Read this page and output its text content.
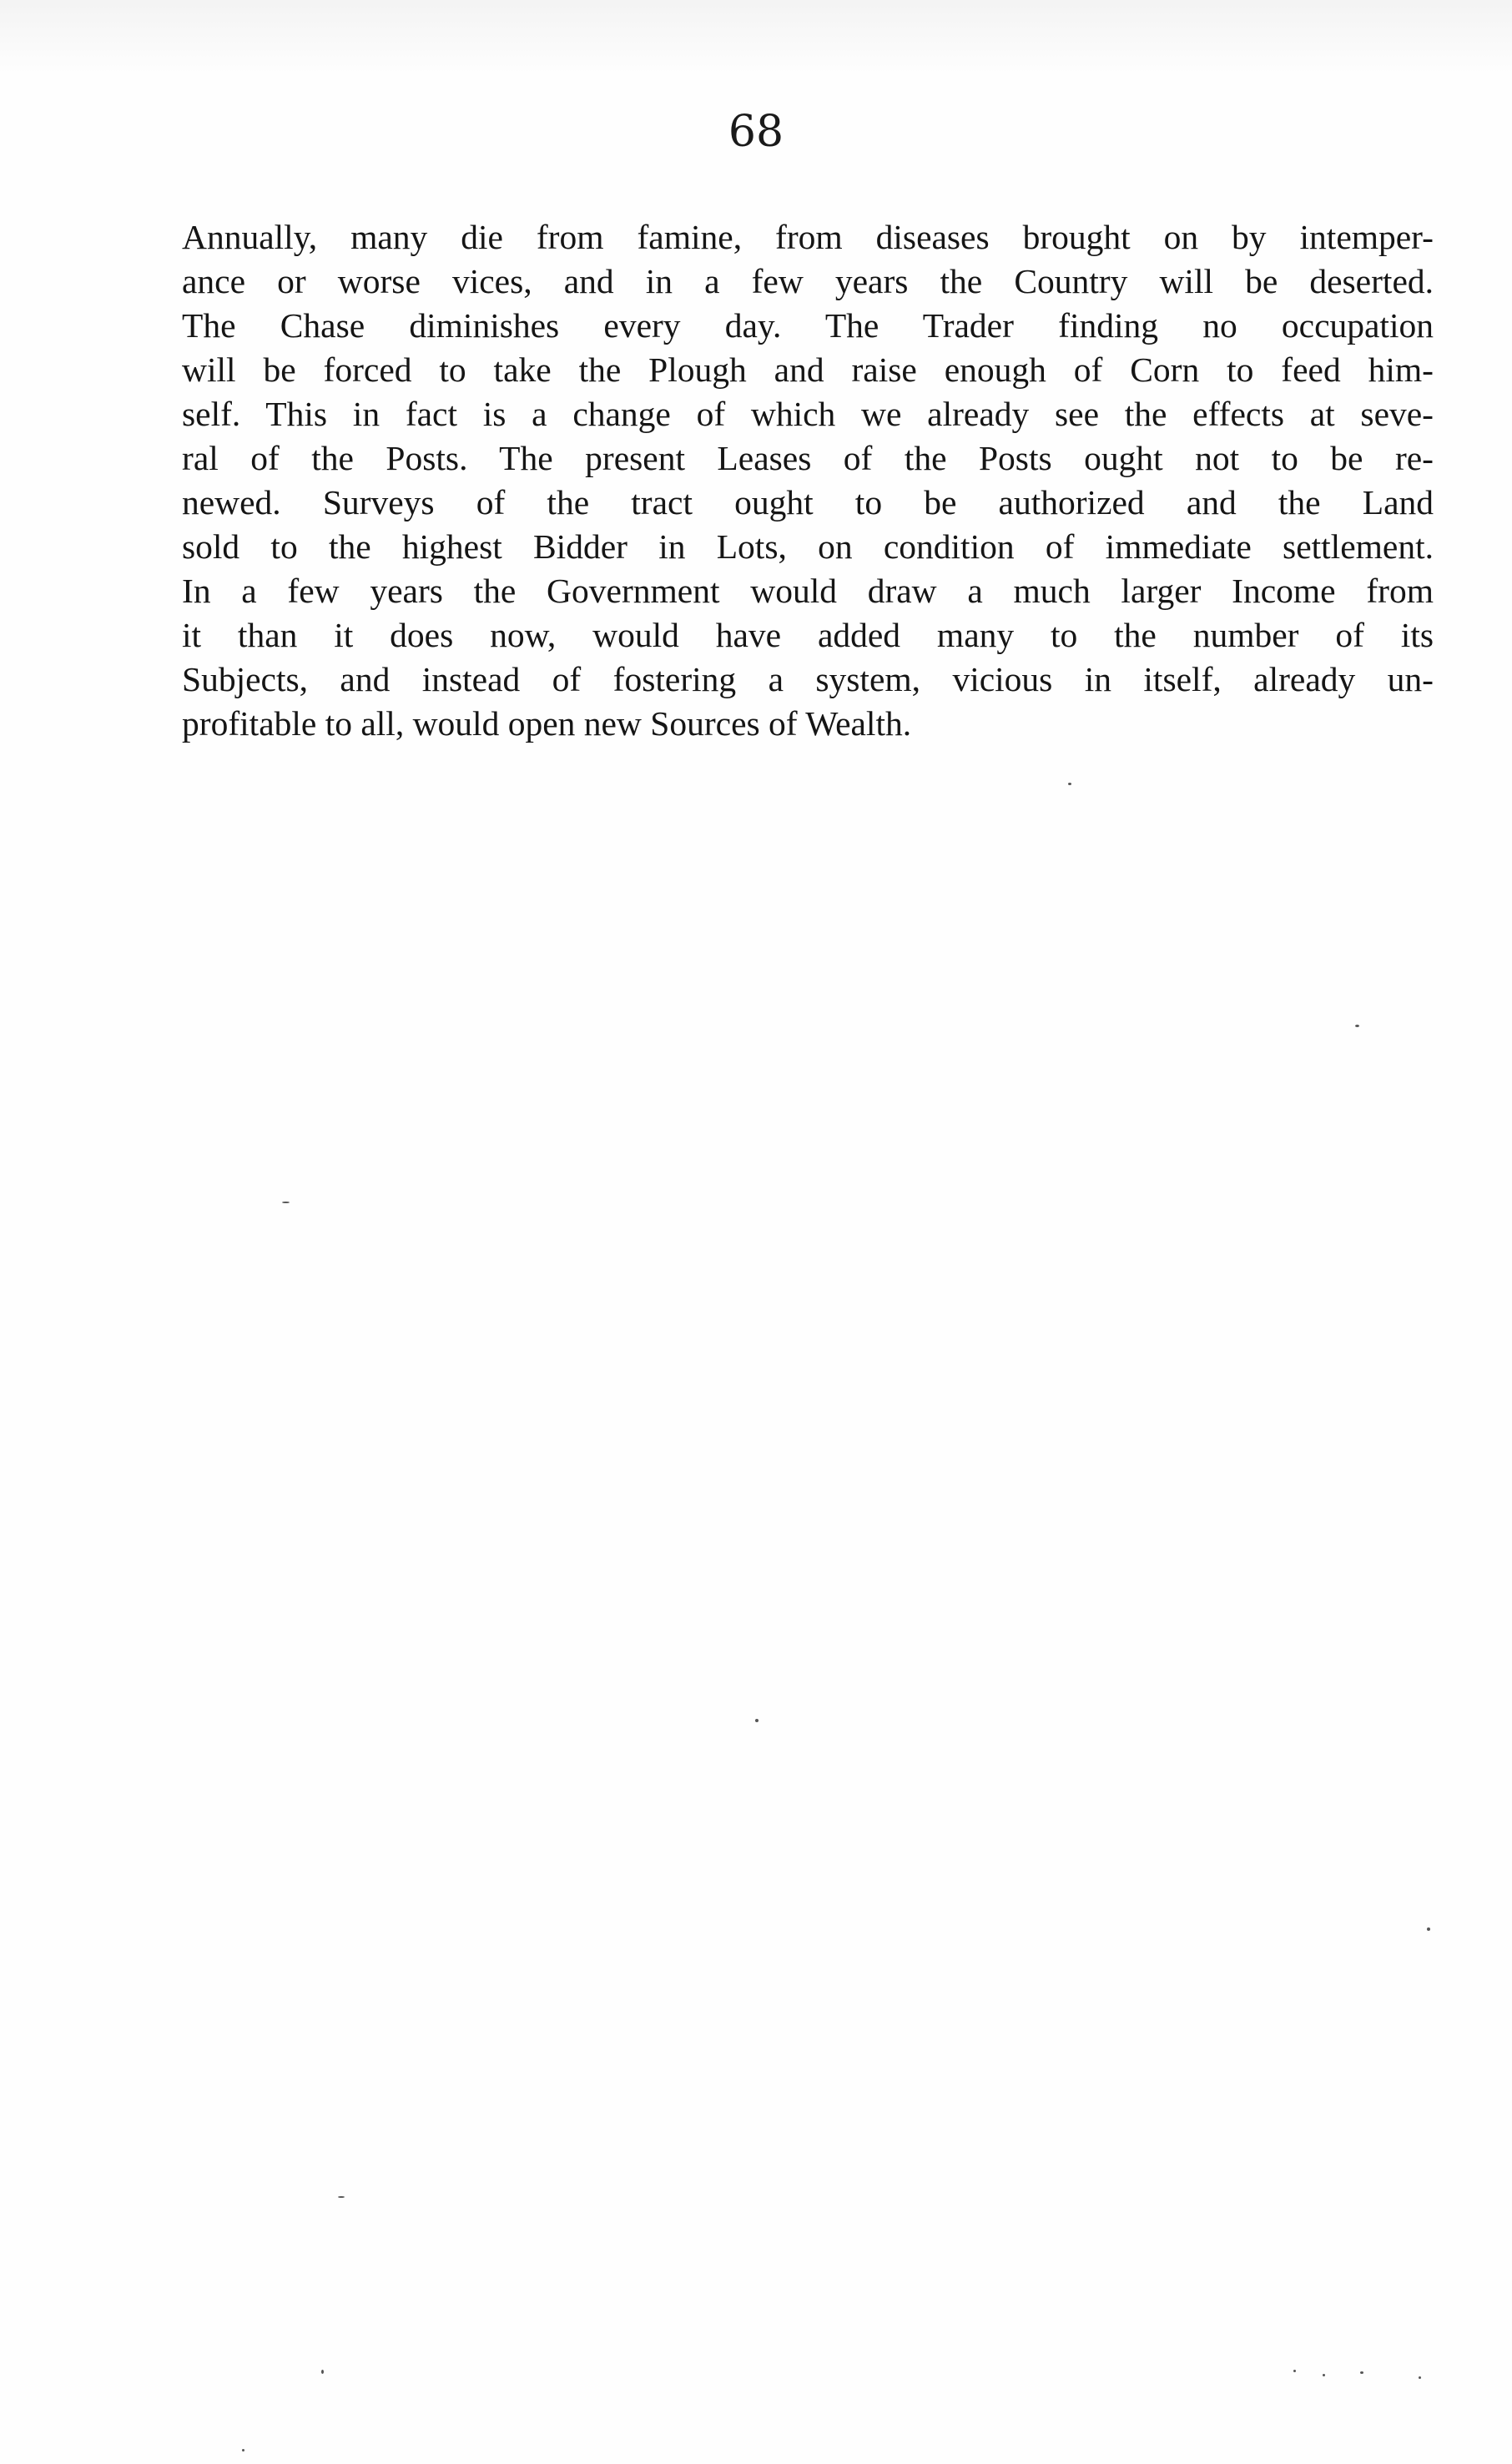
68
Annually, many die from famine, from diseases brought on by intemper-
ance or worse vices, and in a few years the Country will be deserted.
The Chase diminishes every day. The Trader finding no occupation
will be forced to take the Plough and raise enough of Corn to feed him-
self. This in fact is a change of which we already see the effects at seve-
ral of the Posts. The present Leases of the Posts ought not to be re-
newed. Surveys of the tract ought to be authorized and the Land
sold to the highest Bidder in Lots, on condition of immediate settlement.
In a few years the Government would draw a much larger Income from
it than it does now, would have added many to the number of its
Subjects, and instead of fostering a system, vicious in itself, already un-
profitable to all, would open new Sources of Wealth.
